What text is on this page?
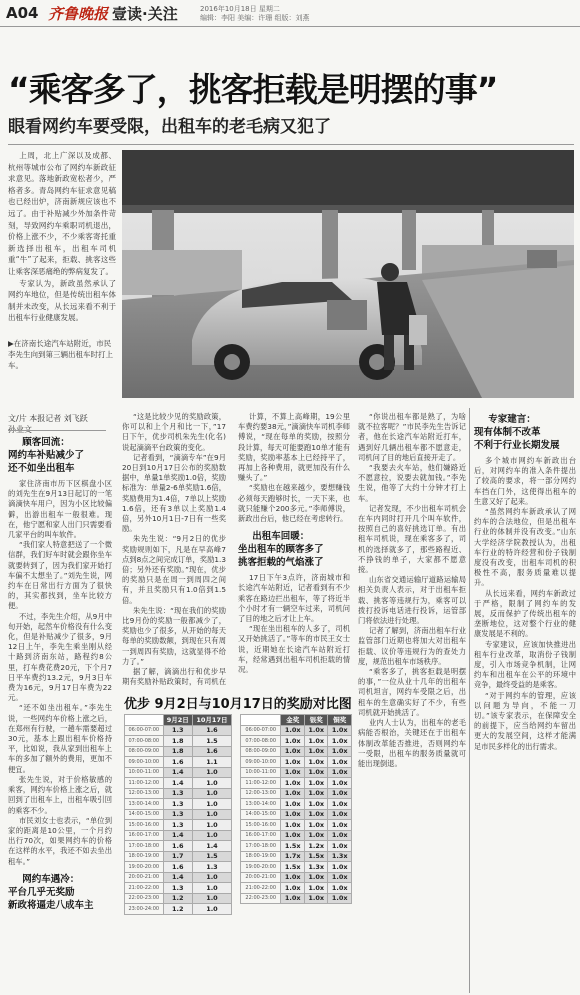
A04 齐鲁晚报 壹读·关注	2016年10月18日 星期二
编辑：李阳 美编：许珊 组版：刘燕
“乘客多了，挑客拒载是明摆的事”
眼看网约车要受限，出租车的老毛病又犯了

上周，北上广深以及成都、杭州等城市公布了网约车新政征求意见。落地新政宽松者少，严格者多。青岛网约车征求意见稿也已经出炉，济南新规应该也不远了。由于补贴减少外加条件苛刻，导致网约车乘职司机退出，价格上涨不少，不少乘客寄托重新选择出租车，出租车司机重“牛”了起来，拒载、挑客这些让乘客深恶痛绝的弊病复发了。

专家认为，新政虽然承认了网约车地位，但是传统出租车体制并未改变，从长远来看不利于出租车行业健康发展。

▶在济南长途汽车站附近，市民李先生向到第三辆出租车时打上车。
文/片 本报记者 刘飞跃

顾客回流：
网约车补贴减少了
还不如坐出租车

家住济南市历下区棋盘小区的刘先生在9月13日起订的一笔滴滴快车用户，因为小区比较偏僻，出游出租车一般很难。现在，他宁愿和家人出门只需要看几家平台的叫车软件。

“我们家人特意把送了一个微信群，我们好车时就会跟你坐车就要转到了，因为我们家开始打车偏不太想坐了。”刘先生说，网约车在日常出行方面为了很快的，其实都找到，坐车比较方便。

不过，李先生介绍，从9月中旬开始，起然车价格没有什么变化，但是补贴减少了很多，9月12日上午，李先生乘坐刚从经十路到济南东站，路程约8公里，打车费花费20元，下个月7日平车费约13.2元，9月3日车费为16元，9月17日车费为22元。

“还不如坐出租车。”李先生说，一些网约车价格上涨之后，在郑州有行驶，一趟车需要超过30元，基本上跟出租车价格持平，比如说，我从家到出租车上车的多加了额外的费用，更加不便宜。

张先生说，对于价格敏感的乘客，网约车价格上涨之后，就回到了出租车上，出租车吸引回的乘客不少。

市民刘女士也表示，“单位到家的距离是10公里，一个月约出行70次，如果网约车的价格在这样的水平，我还不如去坐出租车。”

网约车遇冷：
平台几乎无奖励
新政将逼走八成车主

“这是比较少见的奖励政策，你可以和上个月和比一下，”17日下午，优步司机朱先生(化名)说起滴滴平台政策的变化。

记者看到，“滴滴专车”在9月20日到10月17日公布的奖励数据中，单量1单奖励1.0倍，奖励标准为：单量2-6单奖励1.6倍，奖励费用为1.4倍，7单以上奖励1.6倍，还有3单以上奖励1.4倍，另外10月1日-7日有一些奖励。

朱先生说：“9月2日的优步奖励规则如下，凡是在早高峰7点到8点之间完成订单，奖励1.3倍；另外还有奖励。”现在，优步的奖励只是在周一到周四之间有，并且奖励只有1.0倍到1.5倍。

朱先生说：“现在我们的奖励比9月份的奖励一般都减少了，奖励也少了很多，从开始的每天每单的奖励数额，到现在只有周一到周四有奖励，这就显得不给力了。”

据了解，滴滴出行和优步早期有奖励补贴政策时，有司机在

计算，不算上高峰期，19公里车费约要38元，”滴滴快车司机李师傅说，“现在每单的奖励，按照分段计算，每天可能要跑10单才能有奖励，奖励率基本上已经持平了，再加上各种费用，就更加没有什么赚头了。”

“奖励也在越来越少，要想赚钱必须每天跑够时长，一天下来，也就只能赚个200多元。”李师傅说，新政出台后，他已经在考虑转行。

出租车回暖：
坐出租车的顾客多了
挑客拒载的气焰涨了

17日下午3点许，济南城市和长途汽车站附近，记者看到有不少乘客在路边拦出租车，等了将近半个小时才有一辆空车过来，司机问了目的地之后才让上车。

“现在坐出租车的人多了，司机又开始挑活了。”等车的市民王女士说，近期她在长途汽车站附近打车，经常遇到出租车司机拒载的情况。

“你说出租车都是熟了，为啥就不拉客呢？”市民李先生告诉记者，他在长途汽车站附近打车，遇到好几辆出租车都不愿意走，司机问了目的地后直接开走了。

“我要去火车站，他们嫌路近不愿意拉，说要去就加钱。”李先生说，他等了大约十分钟才打上车。

记者发现，不少出租车司机会在车内同时打开几个叫车软件，按照自己的喜好挑选订单。有出租车司机说，现在乘客多了，司机的选择就多了，那些路程近、不挣钱的单子，大家都不愿意接。

山东省交通运输厅道路运输局相关负责人表示，对于出租车拒载、挑客等违规行为，乘客可以拨打投诉电话进行投诉，运管部门将依法进行处理。

记者了解到，济南出租车行业监管部门近期也将加大对出租车拒载、议价等违规行为的查处力度，规范出租车市场秩序。

“乘客多了，挑客拒载是明摆的事，”一位从业十几年的出租车司机坦言，网约车受限之后，出租车的生意确实好了不少，有些司机就开始挑活了。

业内人士认为，出租车的老毛病能否根治，关键还在于出租车体制改革能否推进，否则网约车一受限，出租车的服务质量就可能出现倒退。

专家建言：
现有体制不改革
不利于行业长期发展

多个城市网约车新政出台后，对网约车的准入条件提出了较高的要求，将一部分网约车挡在门外，这使得出租车的生意又好了起来。

“虽然网约车新政承认了网约车的合法地位，但是出租车行业的体制并没有改变。”山东大学经济学院教授认为，出租车行业的特许经营和份子钱制度没有改变，出租车司机的积极性不高，服务质量难以提升。

从长远来看，网约车新政过于严格，限制了网约车的发展，反而保护了传统出租车的垄断地位，这对整个行业的健康发展是不利的。

专家建议，应该加快推进出租车行业改革，取消份子钱制度，引入市场竞争机制，让网约车和出租车在公平的环境中竞争，最终受益的是乘客。

“对于网约车的管理，应该以问题为导向，不能一刀切。”该专家表示，在保障安全的前提下，应当给网约车留出更大的发展空间，这样才能满足市民多样化的出行需求。

优步 9月2日与10月17日的奖励对比图
	9月2日	10月17日
06:00-07:00	1.3	1.6
07:00-08:00	1.8	1.5
08:00-09:00	1.8	1.6
09:00-10:00	1.6	1.1
10:00-11:00	1.4	1.0
11:00-12:00	1.4	1.0
12:00-13:00	1.3	1.0
13:00-14:00	1.3	1.0
14:00-15:00	1.3	1.0
15:00-16:00	1.3	1.0
16:00-17:00	1.4	1.0
17:00-18:00	1.6	1.4
18:00-19:00	1.7	1.5
19:00-20:00	1.6	1.3
20:00-21:00	1.4	1.0
21:00-22:00	1.3	1.0
22:00-23:00	1.2	1.0
23:00-24:00	1.2	1.0
	金奖	银奖	铜奖
06:00-07:00	1.0x	1.0x	1.0x
07:00-08:00	1.0x	1.0x	1.0x
08:00-09:00	1.0x	1.0x	1.0x
09:00-10:00	1.0x	1.0x	1.0x
10:00-11:00	1.0x	1.0x	1.0x
11:00-12:00	1.0x	1.0x	1.0x
12:00-13:00	1.0x	1.0x	1.0x
13:00-14:00	1.0x	1.0x	1.0x
14:00-15:00	1.0x	1.0x	1.0x
15:00-16:00	1.0x	1.0x	1.0x
16:00-17:00	1.0x	1.0x	1.0x
17:00-18:00	1.5x	1.2x	1.0x
18:00-19:00	1.7x	1.5x	1.3x
19:00-20:00	1.5x	1.3x	1.0x
20:00-21:00	1.0x	1.0x	1.0x
21:00-22:00	1.0x	1.0x	1.0x
22:00-23:00	1.0x	1.0x	1.0x
